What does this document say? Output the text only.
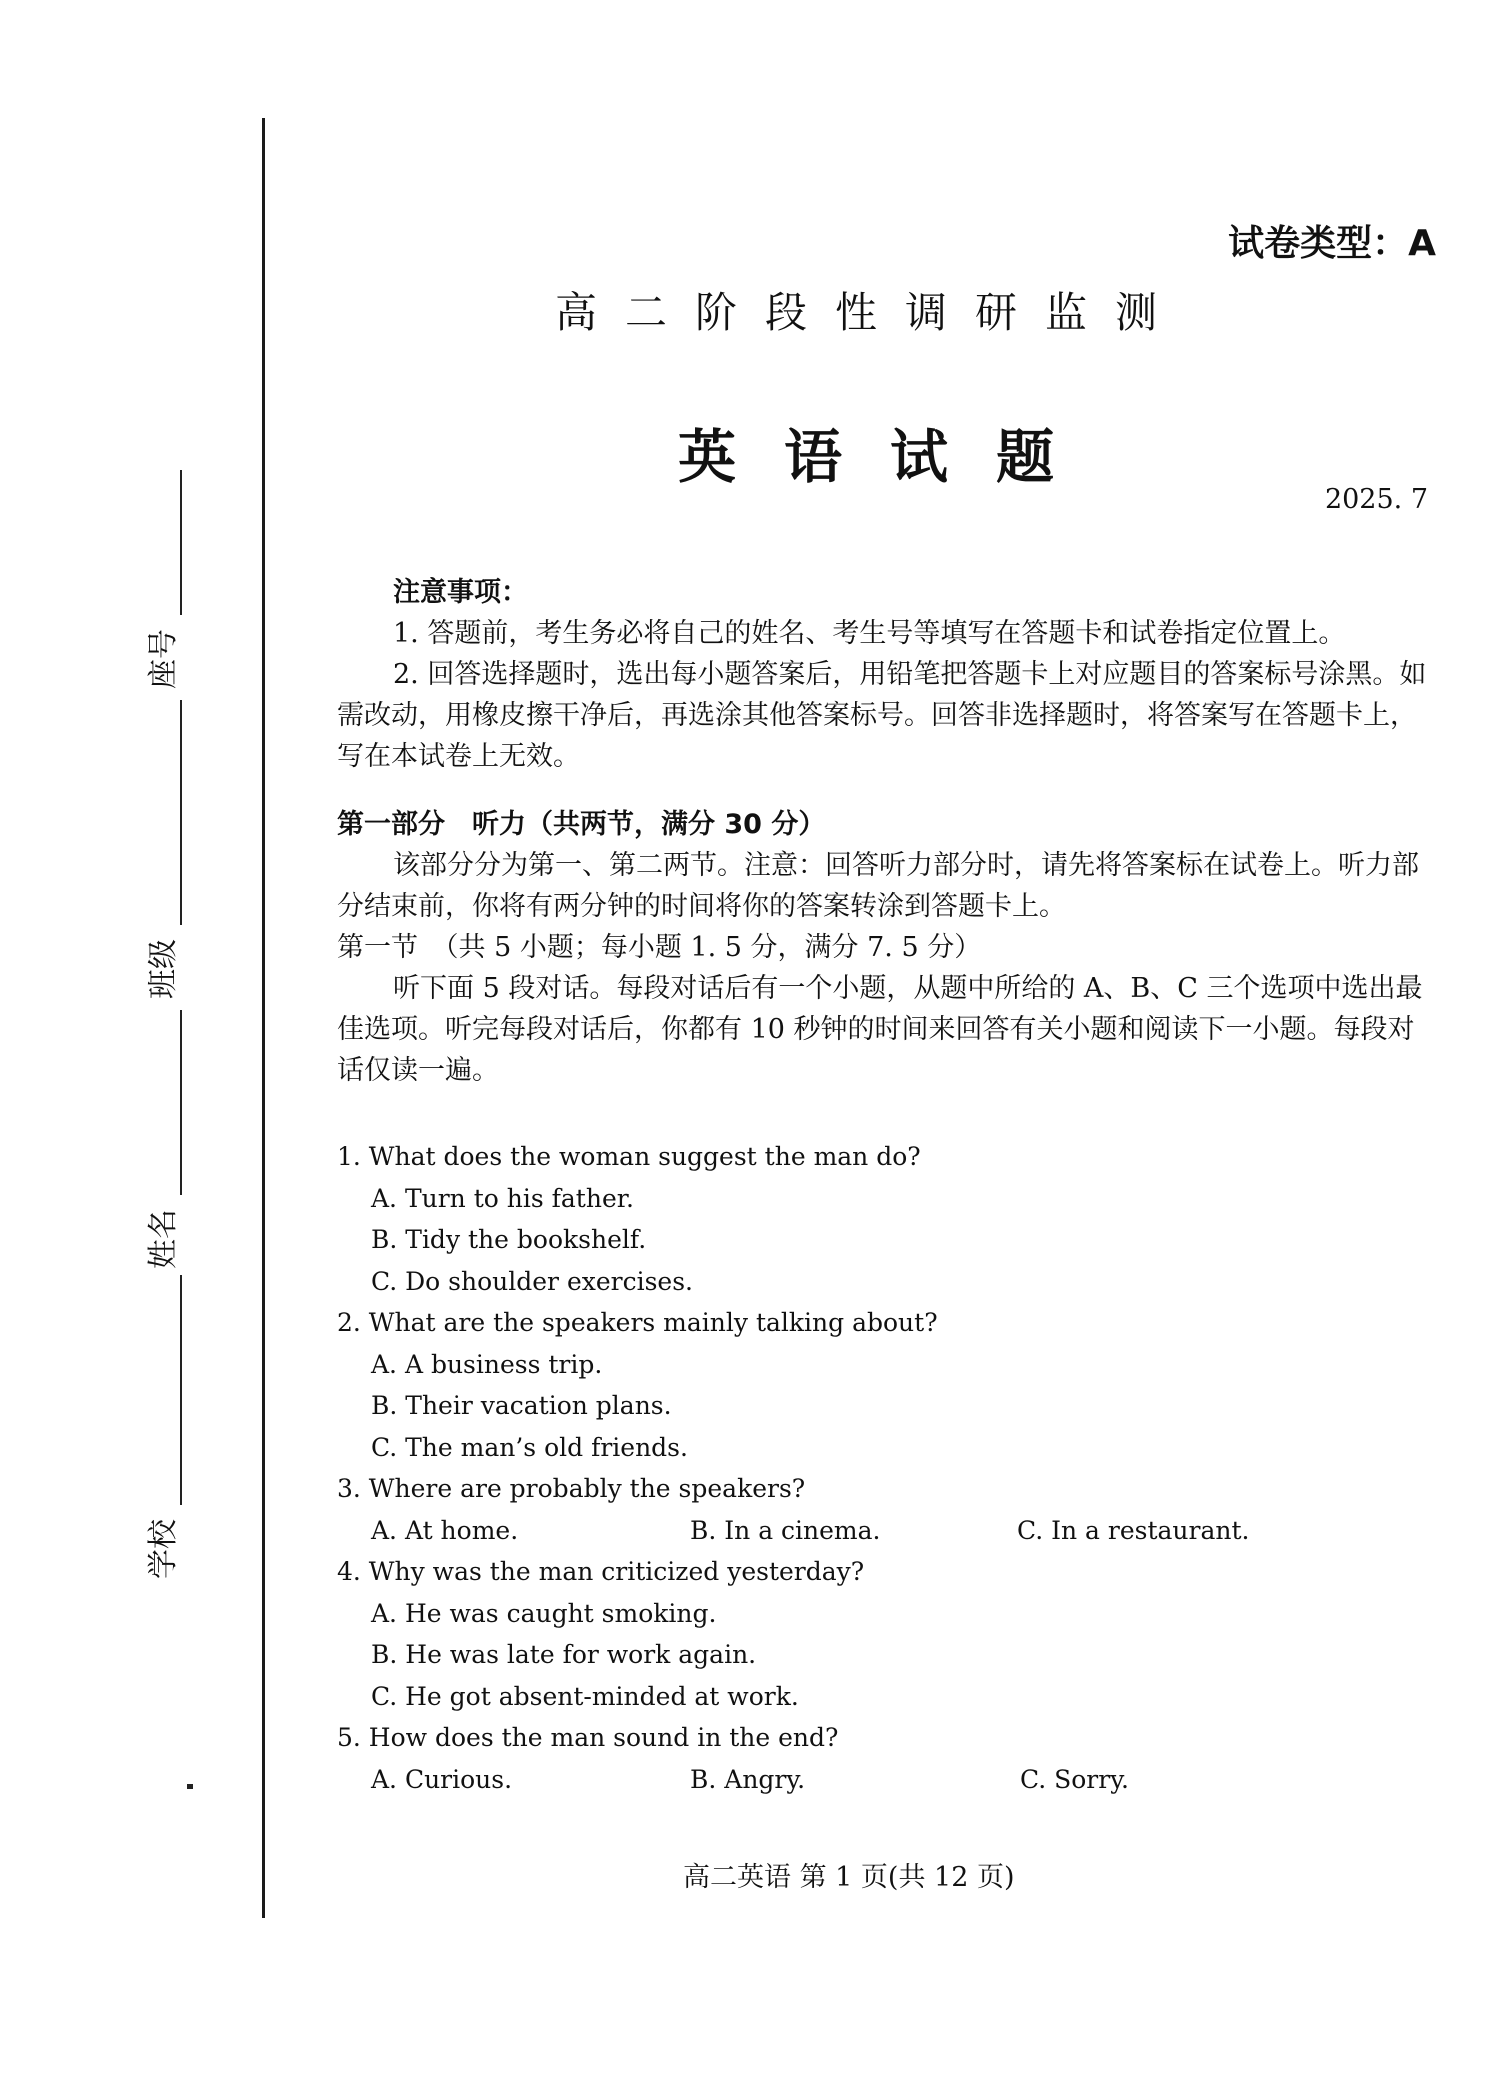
座号
班级
姓名
学校
试卷类型：A
高二阶段性调研监测
英语试题
2025. 7
注意事项：

1. 答题前，考生务必将自己的姓名、考生号等填写在答题卡和试卷指定位置上。

2. 回答选择题时，选出每小题答案后，用铅笔把答题卡上对应题目的答案标号涂黑。如需改动，用橡皮擦干净后，再选涂其他答案标号。回答非选择题时，将答案写在答题卡上，写在本试卷上无效。

第一部分　听力（共两节，满分 30 分）

该部分分为第一、第二两节。注意：回答听力部分时，请先将答案标在试卷上。听力部分结束前，你将有两分钟的时间将你的答案转涂到答题卡上。

第一节　（共 5 小题；每小题 1. 5 分，满分 7. 5 分）

听下面 5 段对话。每段对话后有一个小题，从题中所给的 A、B、C 三个选项中选出最佳选项。听完每段对话后，你都有 10 秒钟的时间来回答有关小题和阅读下一小题。每段对话仅读一遍。

1. What does the woman suggest the man do?
A. Turn to his father.
B. Tidy the bookshelf.
C. Do shoulder exercises.
2. What are the speakers mainly talking about?
A. A business trip.
B. Their vacation plans.
C. The man’s old friends.
3. Where are probably the speakers?
A. At home.	B. In a cinema.	C. In a restaurant.
4. Why was the man criticized yesterday?
A. He was caught smoking.
B. He was late for work again.
C. He got absent-minded at work.
5. How does the man sound in the end?
A. Curious.	B. Angry.	C. Sorry.
高二英语 第 1 页(共 12 页)
